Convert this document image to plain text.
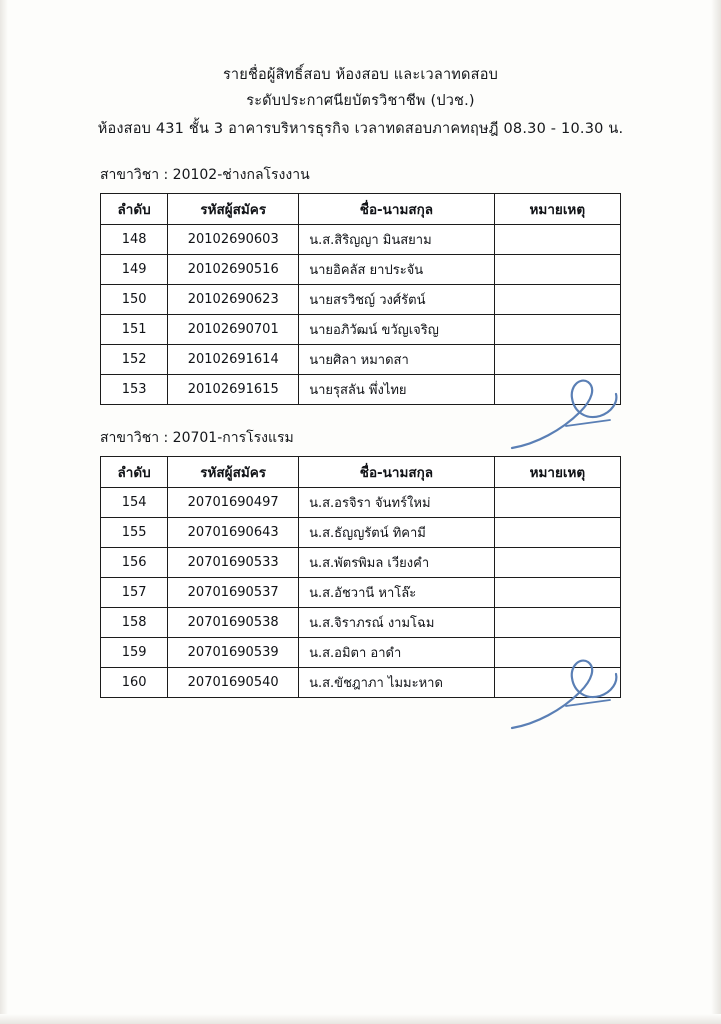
รายชื่อผู้สิทธิ์สอบ ห้องสอบ และเวลาทดสอบ
ระดับประกาศนียบัตรวิชาชีพ (ปวช.)
ห้องสอบ 431 ชั้น 3 อาคารบริหารธุรกิจ เวลาทดสอบภาคทฤษฎี 08.30 - 10.30 น.
สาขาวิชา : 20102-ช่างกลโรงงาน
ลำดับ	รหัสผู้สมัคร	ชื่อ-นามสกุล	หมายเหตุ
148	20102690603	น.ส.สิริญญา มินสยาม	
149	20102690516	นายอิคลัส ยาประจัน	
150	20102690623	นายสรวิชญ์ วงศ์รัตน์	
151	20102690701	นายอภิวัฒน์ ขวัญเจริญ	
152	20102691614	นายศิลา หมาดสา	
153	20102691615	นายรุสลัน พึ่งไทย	
สาขาวิชา : 20701-การโรงแรม
ลำดับ	รหัสผู้สมัคร	ชื่อ-นามสกุล	หมายเหตุ
154	20701690497	น.ส.อรจิรา จันทร์ใหม่	
155	20701690643	น.ส.ธัญญรัตน์ ทิคามี	
156	20701690533	น.ส.พัตรพิมล เวียงคำ	
157	20701690537	น.ส.อัชวานี หาโล๊ะ	
158	20701690538	น.ส.จิราภรณ์ งามโฉม	
159	20701690539	น.ส.อมิตา อาดำ	
160	20701690540	น.ส.ขัชฎาภา ไมมะหาด	
